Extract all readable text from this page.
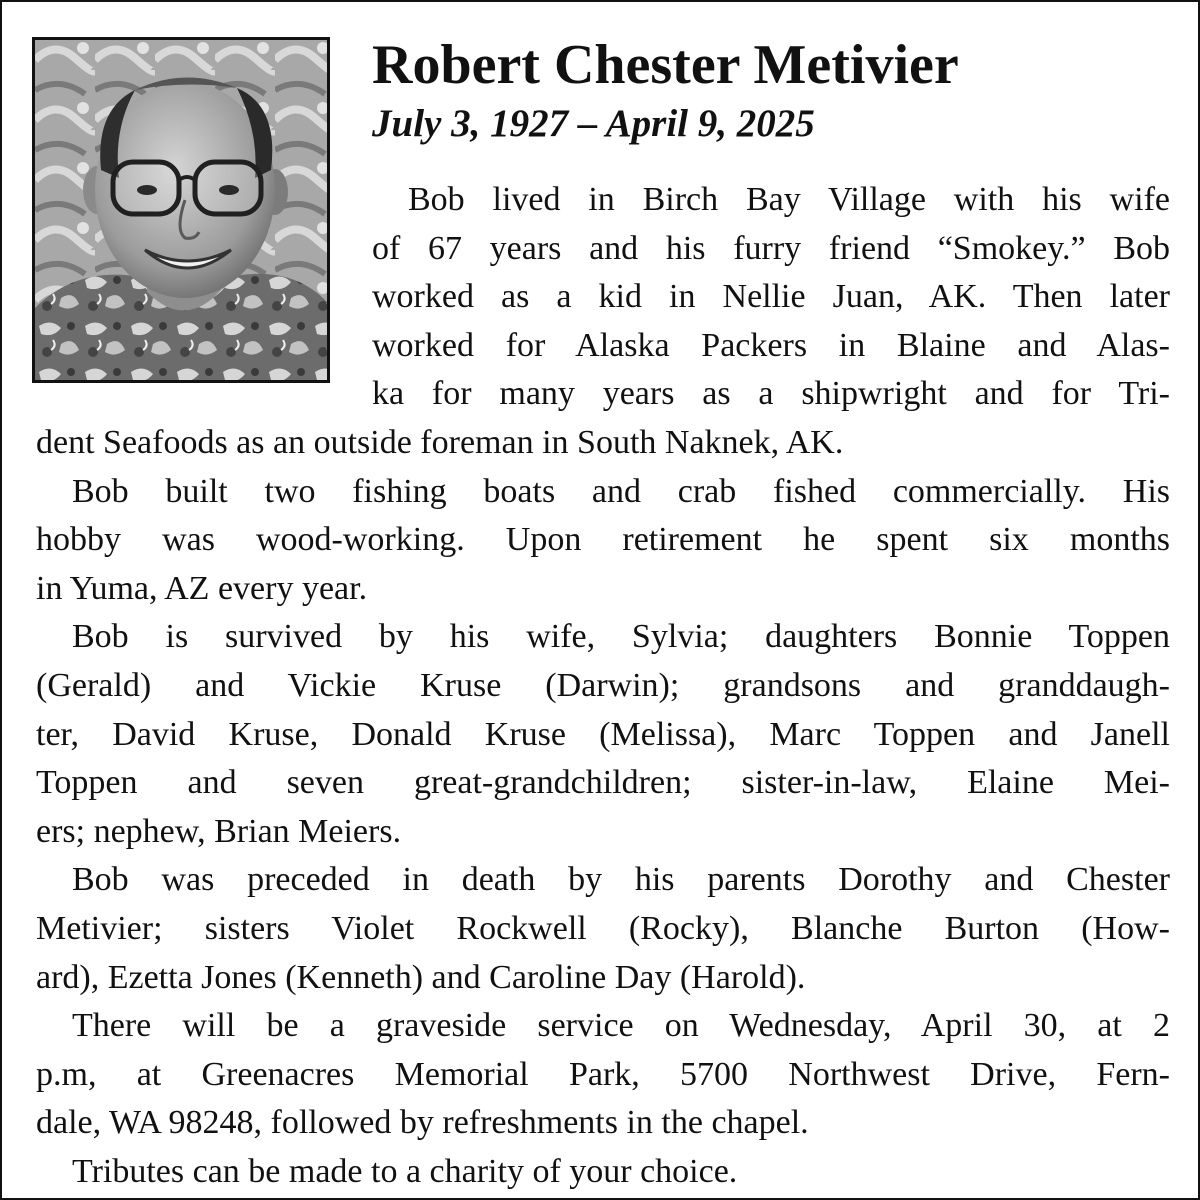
Robert Chester Metivier
July 3, 1927 – April 9, 2025
Bob lived in Birch Bay Village with his wife
of 67 years and his furry friend “Smokey.” Bob
worked as a kid in Nellie Juan, AK. Then later
worked for Alaska Packers in Blaine and Alas-
ka for many years as a shipwright and for Tri-
dent Seafoods as an outside foreman in South Naknek, AK.
Bob built two fishing boats and crab fished commercially. His
hobby was wood-working. Upon retirement he spent six months
in Yuma, AZ every year.
Bob is survived by his wife, Sylvia; daughters Bonnie Toppen
(Gerald) and Vickie Kruse (Darwin); grandsons and granddaugh-
ter, David Kruse, Donald Kruse (Melissa), Marc Toppen and Janell
Toppen and seven great-grandchildren; sister-in-law, Elaine Mei-
ers; nephew, Brian Meiers.
Bob was preceded in death by his parents Dorothy and Chester
Metivier; sisters Violet Rockwell (Rocky), Blanche Burton (How-
ard), Ezetta Jones (Kenneth) and Caroline Day (Harold).
There will be a graveside service on Wednesday, April 30, at 2
p.m, at Greenacres Memorial Park, 5700 Northwest Drive, Fern-
dale, WA 98248, followed by refreshments in the chapel.
Tributes can be made to a charity of your choice.
